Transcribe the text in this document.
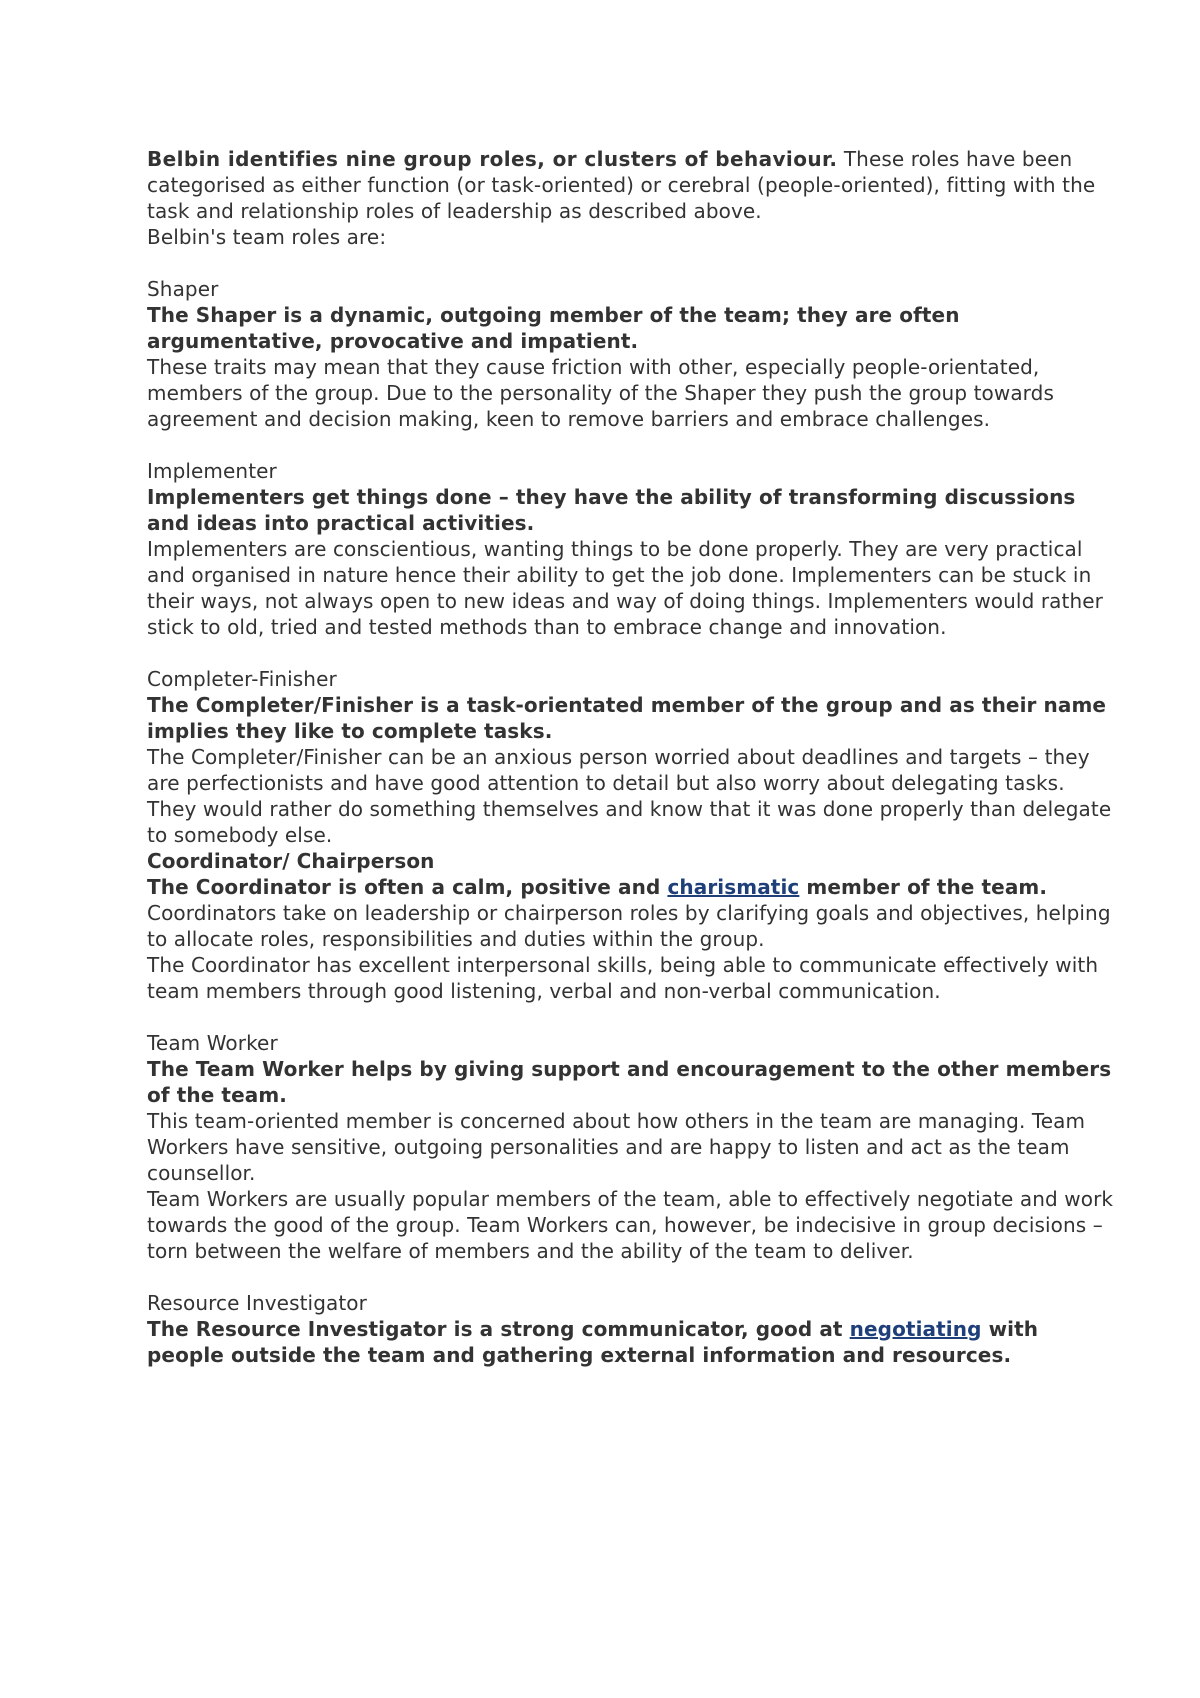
Belbin identifies nine group roles, or clusters of behaviour. These roles have been categorised as either function (or task-oriented) or cerebral (people-oriented), fitting with the task and relationship roles of leadership as described above.

Belbin's team roles are:

Shaper

The Shaper is a dynamic, outgoing member of the team; they are often argumentative, provocative and impatient.

These traits may mean that they cause friction with other, especially people-orientated, members of the group. Due to the personality of the Shaper they push the group towards agreement and decision making, keen to remove barriers and embrace challenges.

Implementer

Implementers get things done – they have the ability of transforming discussions and ideas into practical activities.

Implementers are conscientious, wanting things to be done properly. They are very practical and organised in nature hence their ability to get the job done. Implementers can be stuck in their ways, not always open to new ideas and way of doing things. Implementers would rather stick to old, tried and tested methods than to embrace change and innovation.

Completer-Finisher

The Completer/Finisher is a task-orientated member of the group and as their name implies they like to complete tasks.

The Completer/Finisher can be an anxious person worried about deadlines and targets – they are perfectionists and have good attention to detail but also worry about delegating tasks. They would rather do something themselves and know that it was done properly than delegate to somebody else.

Coordinator/ Chairperson

The Coordinator is often a calm, positive and charismatic member of the team.

Coordinators take on leadership or chairperson roles by clarifying goals and objectives, helping to allocate roles, responsibilities and duties within the group.

The Coordinator has excellent interpersonal skills, being able to communicate effectively with team members through good listening, verbal and non-verbal communication.

Team Worker

The Team Worker helps by giving support and encouragement to the other members of the team.

This team-oriented member is concerned about how others in the team are managing. Team Workers have sensitive, outgoing personalities and are happy to listen and act as the team counsellor.

Team Workers are usually popular members of the team, able to effectively negotiate and work towards the good of the group. Team Workers can, however, be indecisive in group decisions – torn between the welfare of members and the ability of the team to deliver.

Resource Investigator

The Resource Investigator is a strong communicator, good at negotiating with people outside the team and gathering external information and resources.
